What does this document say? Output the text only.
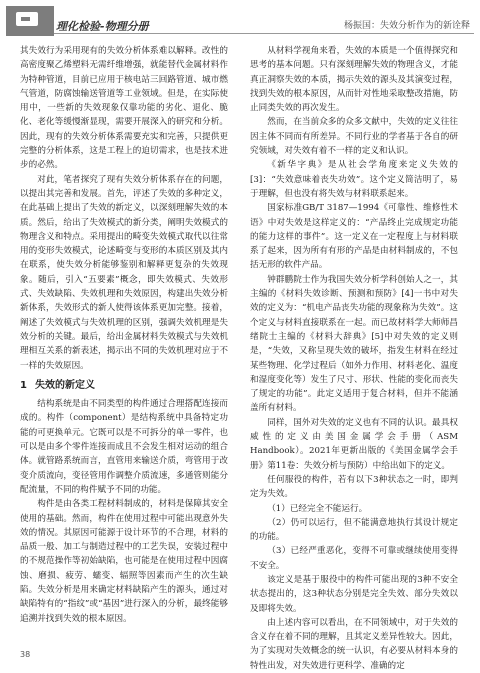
理化检验-物理分册	杨振国：失效分析作为的新诠释

其失效行为采用现有的失效分析体系难以解释。改性的高密度聚乙烯塑料无需纤维增强，就能替代金属材料作为特种管道，目前已应用于核电站三回路管道、城市燃气管道，防腐蚀输送管道等工业领域。但是，在实际使用中，一些新的失效现象仅靠功能的劣化、退化、脆化、老化等缓慢渐显现，需要开展深入的研究和分析。因此，现有的失效分析体系需要充实和完善，只提供更完整的分析体系，这是工程上的迫切需求，也是技术进步的必然。

对此，笔者探究了现有失效分析体系存在的问题，以提出其完善和发展。首先，评述了失效的多种定义，在此基础上提出了失效的新定义，以深刻理解失效的本质。然后，给出了失效模式的新分类，阐明失效模式的物理含义和特点。采用提出的畸变失效模式取代以往常用的变形失效模式，论述畸变与变形的本质区别及其内在联系，使失效分析能够鉴别和解释更复杂的失效现象。随后，引入“五要素”概念，即失效模式、失效形式、失效缺陷、失效机理和失效原因，构建出失效分析新体系，失效形式的新人使得该体系更加完整。接着，阐述了失效模式与失效机理的区别，强调失效机理是失效分析的关键。最后，给出金属材料失效模式与失效机理相互关系的新表述，揭示出不同的失效机理对应于不一样的失效原因。

1 失效的新定义

结构系统是由不同类型的构件通过合理搭配连接而成的。构件（component）是结构系统中具备特定功能的可更换单元。它既可以是不可拆分的单一零件，也可以是由多个零件连接而成且不会发生相对运动的组合体。就管路系统而言，直管用来输送介质，弯管用于改变介质流向，变径管用作调整介质流速，多通管则能分配流量，不同的构件赋予不同的功能。

构件是由各类工程材料制成的，材料是保障其安全使用的基础。然而，构件在使用过程中可能出现意外失效的情况。其原因可能源于设计环节的不合理，材料的品质一般、加工与制造过程中的工艺失误，安装过程中的不规范操作等初始缺陷，也可能是在使用过程中因腐蚀、磨损、疲劳、蠕变、辐照等因素而产生的次生缺陷。失效分析是用来确定材料缺陷产生的源头，通过对缺陷特有的“指纹”或“基因”进行深入的分析，最终能够追溯并找到失效的根本原因。

从材料学视角来看，失效的本质是一个值得探究和思考的基本问题。只有深刻理解失效的物理含义，才能真正洞察失效的本质，揭示失效的源头及其演变过程，找到失效的根本原因，从而针对性地采取整改措施，防止同类失效的再次发生。

然而，在当前众多的众多文献中，失效的定义往往因主体不同而有所差异。不同行业的学者基于各自的研究领域，对失效有着不一样的定义和认识。

《新华字典》是从社会学角度来定义失效的[3]：“失效意味着丧失功效”。这个定义简洁明了，易于理解，但也没有将失效与材料联系起来。

国家标准GB/T 3187—1994《可靠性、维修性术语》中对失效是这样定义的：“产品终止完成规定功能的能力这样的事件”。这一定义在一定程度上与材料联系了起来，因为所有有形的产品是由材料制成的，不包括无形的软件产品。

钟群鹏院士作为我国失效分析学科创始人之一，其主编的《材料失效诊断、预测和预防》[4]一书中对失效的定义为：“机电产品丧失功能的现象称为失效”。这个定义与材料直接联系在一起。而已故材料学大师师昌绪院士主编的《材料大辞典》[5]中对失效的定义则是，“失效，又称呈现失效的破坏，指发生材料在经过某些物理、化学过程后（如外力作用、材料老化、温度和湿度变化等）发生了尺寸、形状、性能的变化而丧失了规定的功能”。此定义适用于复合材料，但并不能涵盖所有材料。

同样，国外对失效的定义也有不同的认识。最具权威性的定义由美国金属学会手册（ASM Handbook）。2021年更新出版的《美国金属学会手册》第11卷：失效分析与预防）中给出如下的定义。

任何服役的构件，若有以下3种状态之一时，即判定为失效。

（1）已经完全不能运行。

（2）仍可以运行，但不能满意地执行其设计规定的功能。

（3）已经严重恶化，变得不可靠或继续使用变得不安全。

该定义是基于服役中的构件可能出现的3种不安全状态提出的，这3种状态分别是完全失效、部分失效以及即将失效。

由上述内容可以看出，在不同领域中，对于失效的含义存在着不同的理解，且其定义差异性较大。因此，为了实现对失效概念的统一认识，有必要从材料本身的特性出发，对失效进行更科学、准确的定

38
